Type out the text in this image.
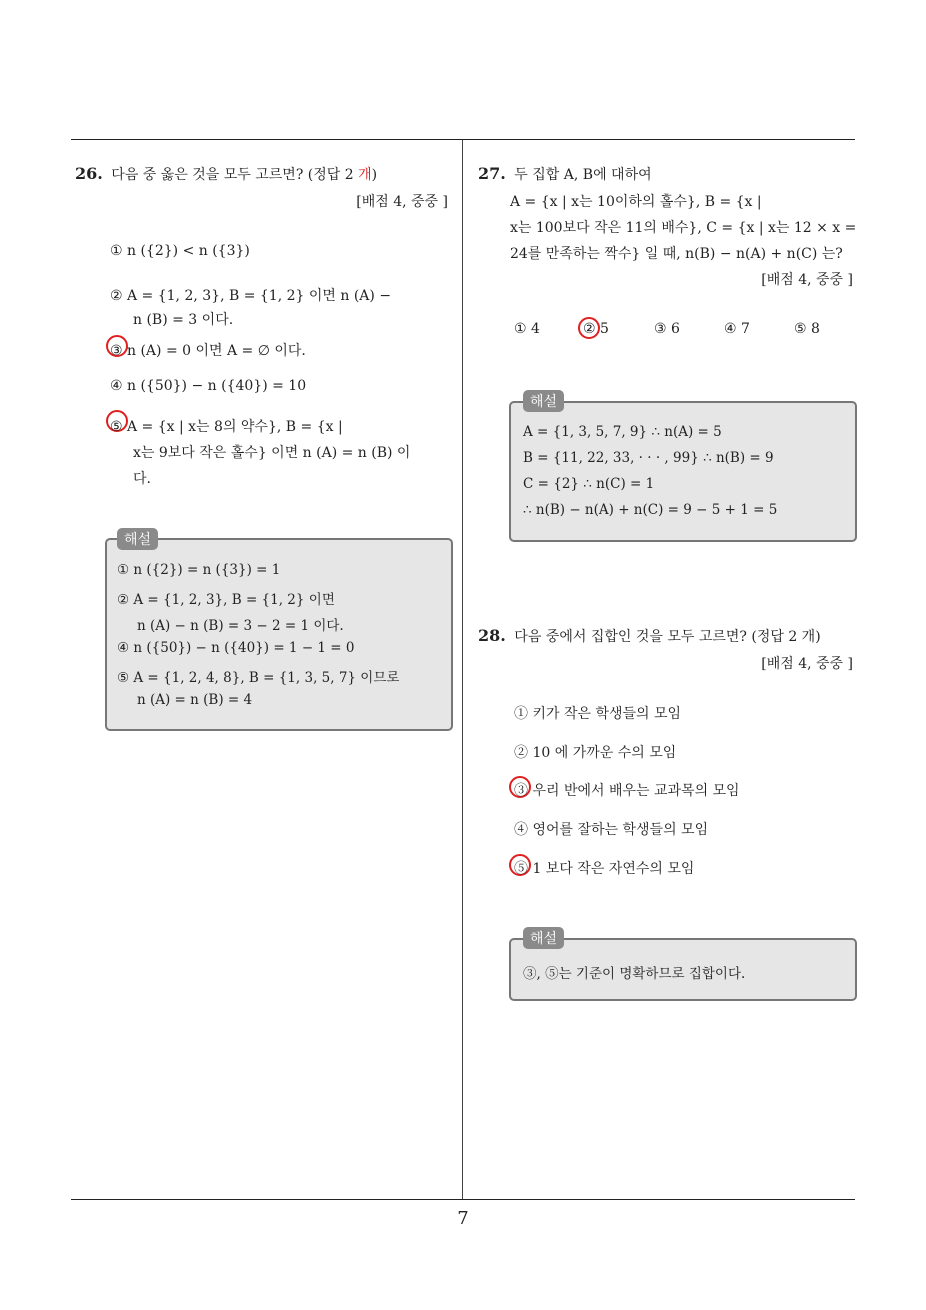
26. 다음 중 옳은 것을 모두 고르면? (정답 2 개)
[배점 4, 중중 ]
① n ({2}) < n ({3})
② A = {1, 2, 3}, B = {1, 2} 이면 n (A) −
n (B) = 3 이다.
③ n (A) = 0 이면 A = ∅ 이다.
④ n ({50}) − n ({40}) = 10
⑤ A = {x | x는 8의 약수}, B = {x |
x는 9보다 작은 홀수} 이면 n (A) = n (B) 이
다.
① n ({2}) = n ({3}) = 1
② A = {1, 2, 3}, B = {1, 2} 이면
n (A) − n (B) = 3 − 2 = 1 이다.
④ n ({50}) − n ({40}) = 1 − 1 = 0
⑤ A = {1, 2, 4, 8}, B = {1, 3, 5, 7} 이므로
n (A) = n (B) = 4
해설
27. 두 집합 A, B에 대하여
A = {x | x는 10이하의 홀수}, B = {x |
x는 100보다 작은 11의 배수}, C = {x | x는 12 × x =
24를 만족하는 짝수} 일 때, n(B) − n(A) + n(C) 는?
[배점 4, 중중 ]
① 4	② 5	③ 6	④ 7	⑤ 8
A = {1, 3, 5, 7, 9} ∴ n(A) = 5
B = {11, 22, 33, · · · , 99} ∴ n(B) = 9
C = {2} ∴ n(C) = 1
∴ n(B) − n(A) + n(C) = 9 − 5 + 1 = 5
해설
28. 다음 중에서 집합인 것을 모두 고르면? (정답 2 개)
[배점 4, 중중 ]
① 키가 작은 학생들의 모임
② 10 에 가까운 수의 모임
③ 우리 반에서 배우는 교과목의 모임
④ 영어를 잘하는 학생들의 모임
⑤ 1 보다 작은 자연수의 모임
③, ⑤는 기준이 명확하므로 집합이다.
해설
7
